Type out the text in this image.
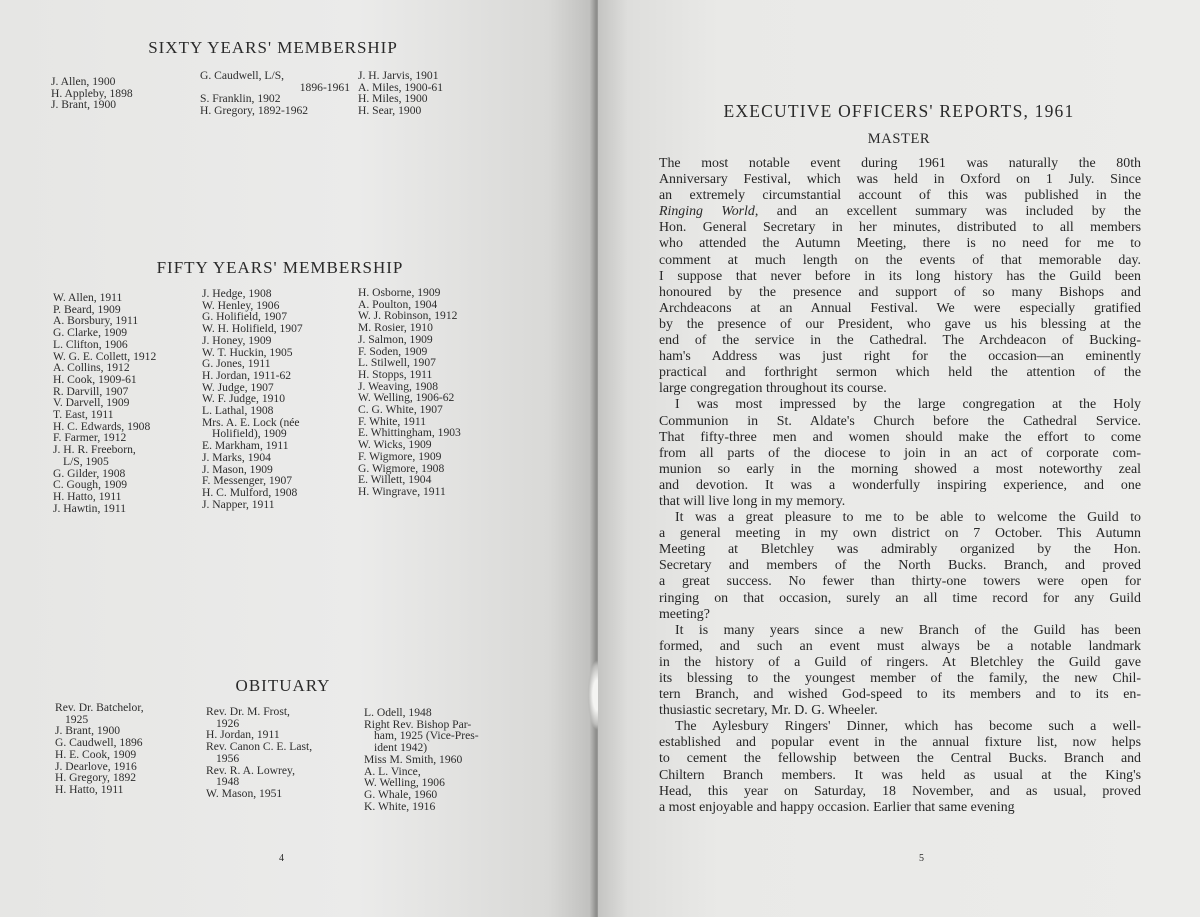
SIXTY YEARS' MEMBERSHIP
J. Allen, 1900
H. Appleby, 1898
J. Brant, 1900
G. Caudwell, L/S,
1896-1961
S. Franklin, 1902
H. Gregory, 1892-1962
J. H. Jarvis, 1901
A. Miles, 1900-61
H. Miles, 1900
H. Sear, 1900
FIFTY YEARS' MEMBERSHIP
W. Allen, 1911
P. Beard, 1909
A. Borsbury, 1911
G. Clarke, 1909
L. Clifton, 1906
W. G. E. Collett, 1912
A. Collins, 1912
H. Cook, 1909-61
R. Darvill, 1907
V. Darvell, 1909
T. East, 1911
H. C. Edwards, 1908
F. Farmer, 1912
J. H. R. Freeborn,
L/S, 1905
G. Gilder, 1908
C. Gough, 1909
H. Hatto, 1911
J. Hawtin, 1911
J. Hedge, 1908
W. Henley, 1906
G. Holifield, 1907
W. H. Holifield, 1907
J. Honey, 1909
W. T. Huckin, 1905
G. Jones, 1911
H. Jordan, 1911-62
W. Judge, 1907
W. F. Judge, 1910
L. Lathal, 1908
Mrs. A. E. Lock (née
Holifield), 1909
E. Markham, 1911
J. Marks, 1904
J. Mason, 1909
F. Messenger, 1907
H. C. Mulford, 1908
J. Napper, 1911
H. Osborne, 1909
A. Poulton, 1904
W. J. Robinson, 1912
M. Rosier, 1910
J. Salmon, 1909
F. Soden, 1909
L. Stilwell, 1907
H. Stopps, 1911
J. Weaving, 1908
W. Welling, 1906-62
C. G. White, 1907
F. White, 1911
E. Whittingham, 1903
W. Wicks, 1909
F. Wigmore, 1909
G. Wigmore, 1908
E. Willett, 1904
H. Wingrave, 1911
OBITUARY
Rev. Dr. Batchelor,
1925
J. Brant, 1900
G. Caudwell, 1896
H. E. Cook, 1909
J. Dearlove, 1916
H. Gregory, 1892
H. Hatto, 1911
Rev. Dr. M. Frost,
1926
H. Jordan, 1911
Rev. Canon C. E. Last,
1956
Rev. R. A. Lowrey,
1948
W. Mason, 1951
L. Odell, 1948
Right Rev. Bishop Par-
ham, 1925 (Vice-Pres-
ident 1942)
Miss M. Smith, 1960
A. L. Vince,
W. Welling, 1906
G. Whale, 1960
K. White, 1916
4
EXECUTIVE OFFICERS' REPORTS, 1961
MASTER
The most notable event during 1961 was naturally the 80th
Anniversary Festival, which was held in Oxford on 1 July. Since
an extremely circumstantial account of this was published in the
Ringing World, and an excellent summary was included by the
Hon. General Secretary in her minutes, distributed to all members
who attended the Autumn Meeting, there is no need for me to
comment at much length on the events of that memorable day.
I suppose that never before in its long history has the Guild been
honoured by the presence and support of so many Bishops and
Archdeacons at an Annual Festival. We were especially gratified
by the presence of our President, who gave us his blessing at the
end of the service in the Cathedral. The Archdeacon of Bucking-
ham's Address was just right for the occasion—an eminently
practical and forthright sermon which held the attention of the
large congregation throughout its course.
I was most impressed by the large congregation at the Holy
Communion in St. Aldate's Church before the Cathedral Service.
That fifty-three men and women should make the effort to come
from all parts of the diocese to join in an act of corporate com-
munion so early in the morning showed a most noteworthy zeal
and devotion. It was a wonderfully inspiring experience, and one
that will live long in my memory.
It was a great pleasure to me to be able to welcome the Guild to
a general meeting in my own district on 7 October. This Autumn
Meeting at Bletchley was admirably organized by the Hon.
Secretary and members of the North Bucks. Branch, and proved
a great success. No fewer than thirty-one towers were open for
ringing on that occasion, surely an all time record for any Guild
meeting?
It is many years since a new Branch of the Guild has been
formed, and such an event must always be a notable landmark
in the history of a Guild of ringers. At Bletchley the Guild gave
its blessing to the youngest member of the family, the new Chil-
tern Branch, and wished God-speed to its members and to its en-
thusiastic secretary, Mr. D. G. Wheeler.
The Aylesbury Ringers' Dinner, which has become such a well-
established and popular event in the annual fixture list, now helps
to cement the fellowship between the Central Bucks. Branch and
Chiltern Branch members. It was held as usual at the King's
Head, this year on Saturday, 18 November, and as usual, proved
a most enjoyable and happy occasion. Earlier that same evening
5
